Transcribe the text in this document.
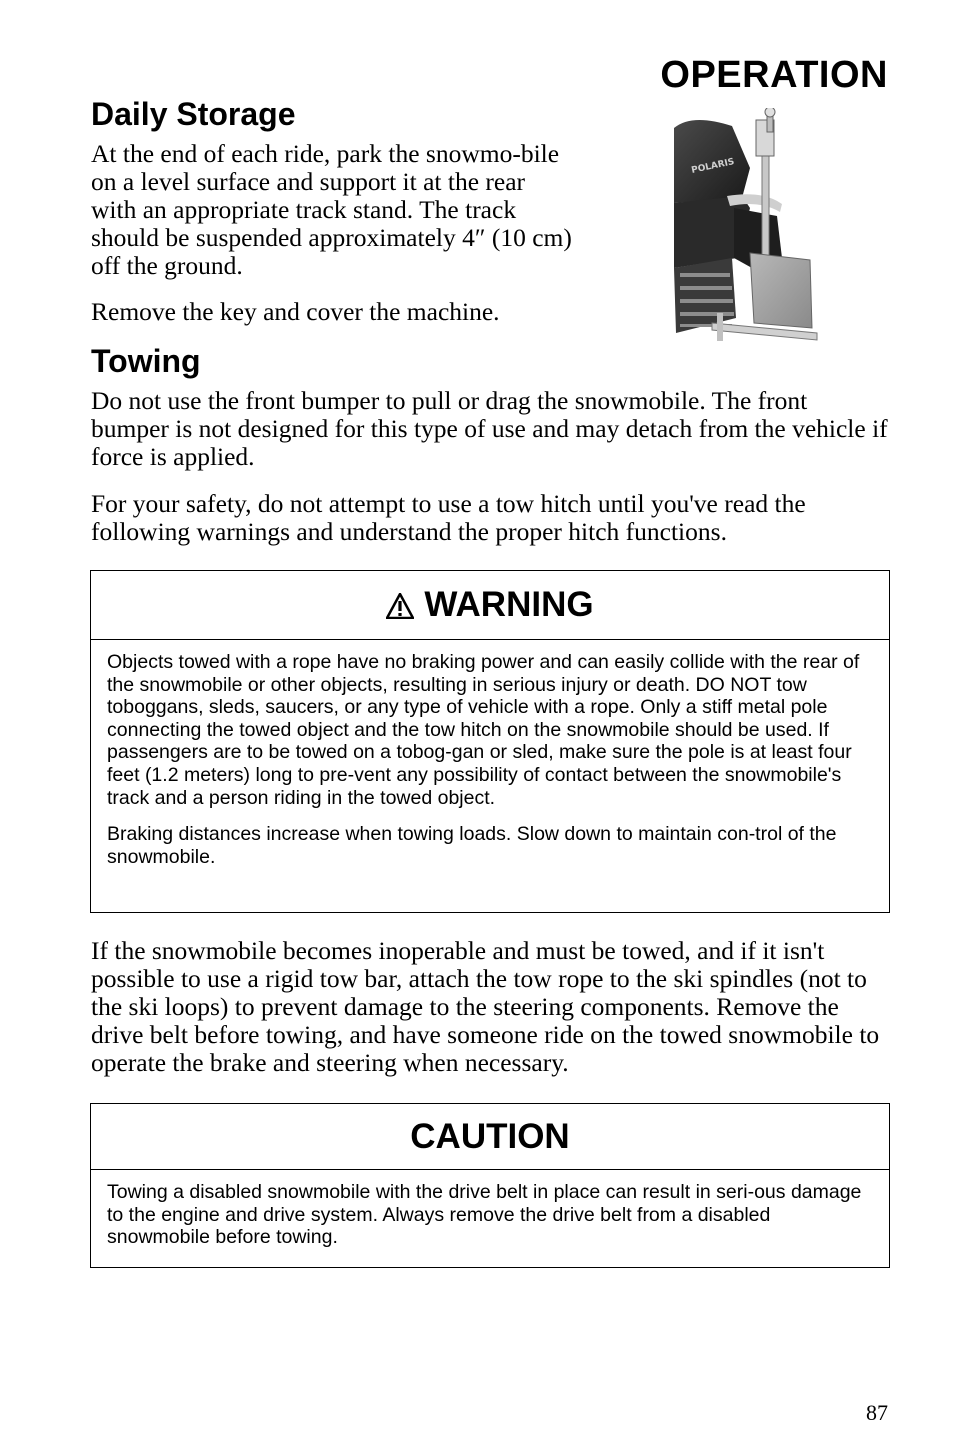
OPERATION
Daily Storage

At the end of each ride, park the snowmo-bile on a level surface and support it at the rear with an appropriate track stand. The track should be suspended approximately 4″ (10 cm) off the ground.

Remove the key and cover the machine.

POLARIS
Towing

Do not use the front bumper to pull or drag the snowmobile. The front bumper is not designed for this type of use and may detach from the vehicle if force is applied.

For your safety, do not attempt to use a tow hitch until you've read the following warnings and understand the proper hitch functions.

WARNING

Objects towed with a rope have no braking power and can easily collide with the rear of the snowmobile or other objects, resulting in serious injury or death. DO NOT tow toboggans, sleds, saucers, or any type of vehicle with a rope. Only a stiff metal pole connecting the towed object and the tow hitch on the snowmobile should be used. If passengers are to be towed on a tobog-gan or sled, make sure the pole is at least four feet (1.2 meters) long to pre-vent any possibility of contact between the snowmobile's track and a person riding in the towed object.

Braking distances increase when towing loads. Slow down to maintain con-trol of the snowmobile.

If the snowmobile becomes inoperable and must be towed, and if it isn't possible to use a rigid tow bar, attach the tow rope to the ski spindles (not to the ski loops) to prevent damage to the steering components. Remove the drive belt before towing, and have someone ride on the towed snowmobile to operate the brake and steering when necessary.

CAUTION

Towing a disabled snowmobile with the drive belt in place can result in seri-ous damage to the engine and drive system. Always remove the drive belt from a disabled snowmobile before towing.

87
